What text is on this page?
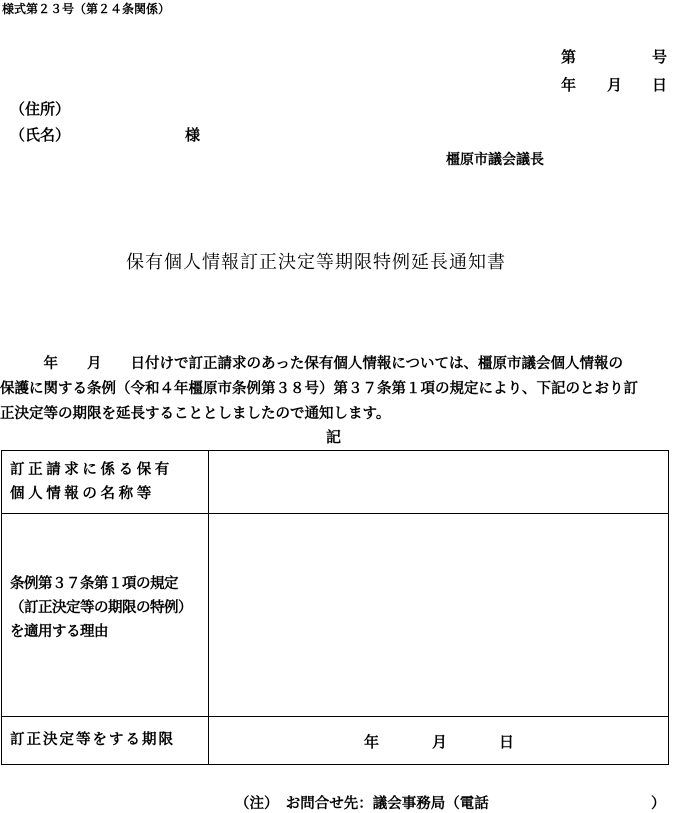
様式第２３号（第２４条関係）
第	号
年 月 日
（住所）
（氏名）	様
橿原市議会議長
保有個人情報訂正決定等期限特例延長通知書
　　　年　　月　　日付けで訂正請求のあった保有個人情報については、橿原市議会個人情報の
保護に関する条例（令和４年橿原市条例第３８号）第３７条第１項の規定により、下記のとおり訂
正決定等の期限を延長することとしましたので通知します。
記
訂正請求に係る保有
個人情報の名称等
条例第３７条第１項の規定
（訂正決定等の期限の特例）
を適用する理由
訂正決定等をする期限	年	月	日
（注）　お問合せ先：議会事務局（電話	）
